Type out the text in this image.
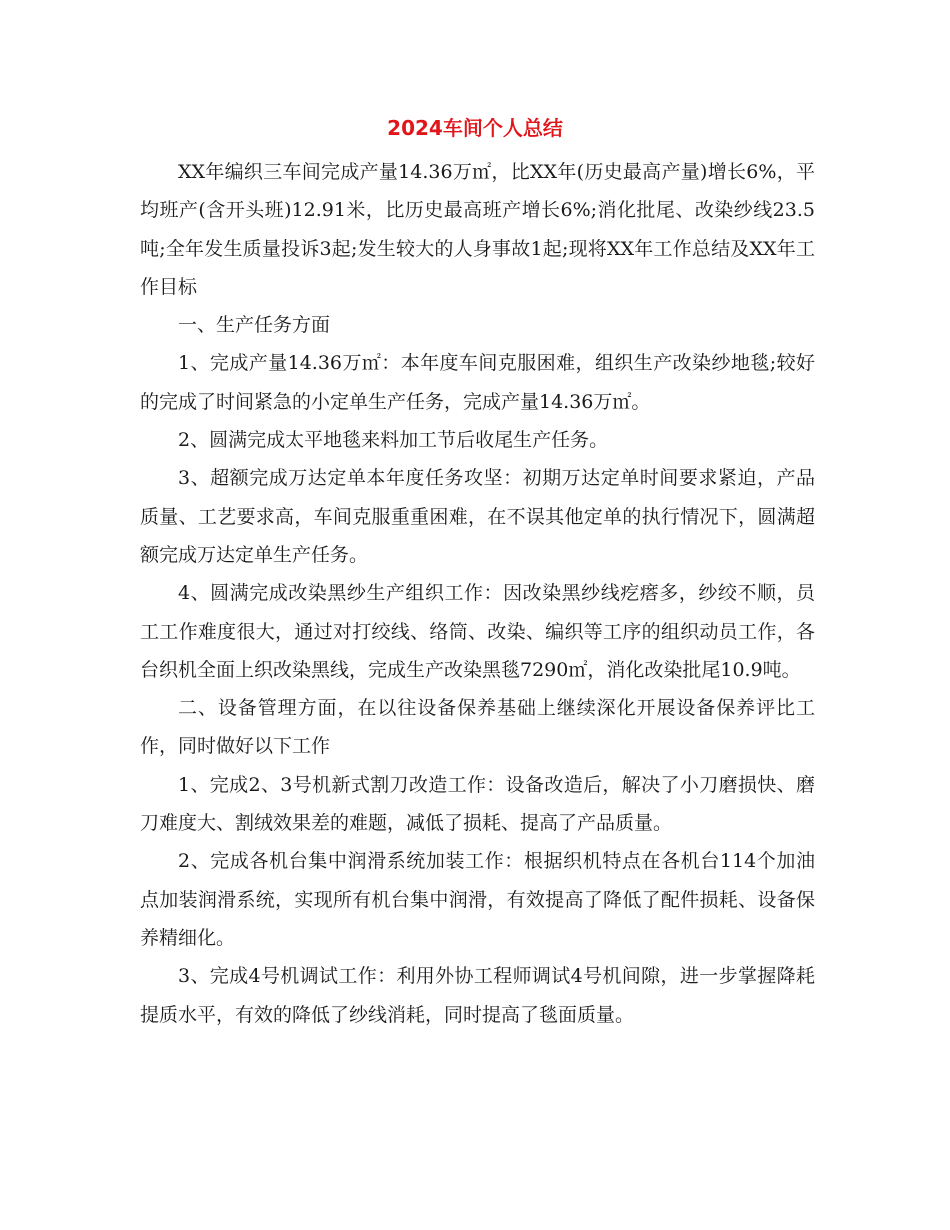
2024车间个人总结

XX年编织三车间完成产量14.36万㎡，比XX年(历史最高产量)增长6%，平均班产(含开头班)12.91米，比历史最高班产增长6%;消化批尾、改染纱线23.5吨;全年发生质量投诉3起;发生较大的人身事故1起;现将XX年工作总结及XX年工作目标

一、生产任务方面

1、完成产量14.36万㎡：本年度车间克服困难，组织生产改染纱地毯;较好的完成了时间紧急的小定单生产任务，完成产量14.36万㎡。

2、圆满完成太平地毯来料加工节后收尾生产任务。

3、超额完成万达定单本年度任务攻坚：初期万达定单时间要求紧迫，产品质量、工艺要求高，车间克服重重困难，在不误其他定单的执行情况下，圆满超额完成万达定单生产任务。

4、圆满完成改染黑纱生产组织工作：因改染黑纱线疙瘩多，纱绞不顺，员工工作难度很大，通过对打绞线、络筒、改染、编织等工序的组织动员工作，各台织机全面上织改染黑线，完成生产改染黑毯7290㎡，消化改染批尾10.9吨。

二、设备管理方面，在以往设备保养基础上继续深化开展设备保养评比工作，同时做好以下工作

1、完成2、3号机新式割刀改造工作：设备改造后，解决了小刀磨损快、磨刀难度大、割绒效果差的难题，减低了损耗、提高了产品质量。

2、完成各机台集中润滑系统加装工作：根据织机特点在各机台114个加油点加装润滑系统，实现所有机台集中润滑，有效提高了降低了配件损耗、设备保养精细化。

3、完成4号机调试工作：利用外协工程师调试4号机间隙，进一步掌握降耗提质水平，有效的降低了纱线消耗，同时提高了毯面质量。
